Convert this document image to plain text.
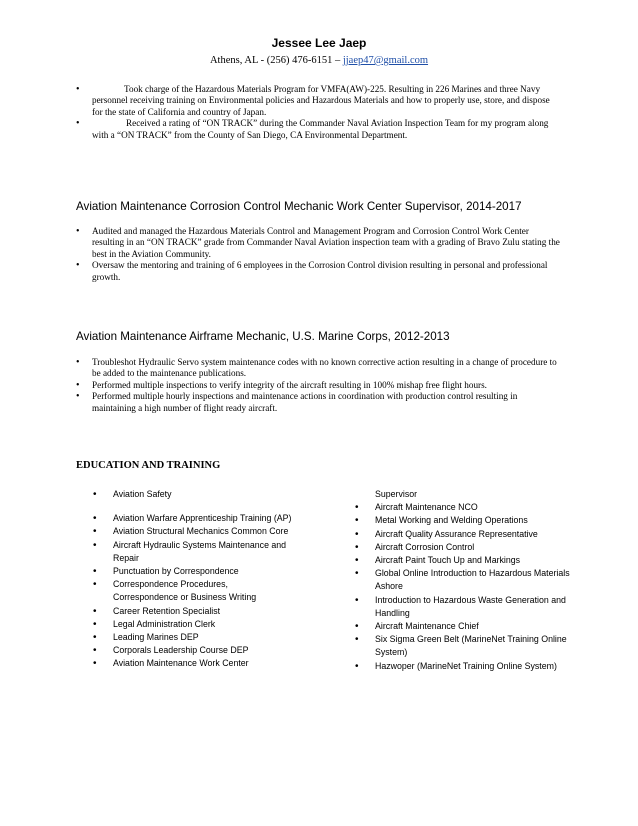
Jessee Lee Jaep
Athens, AL - (256) 476-6151 – jjaep47@gmail.com
•	Took charge of the Hazardous Materials Program for VMFA(AW)-225. Resulting in 226 Marines and three Navy personnel receiving training on Environmental policies and Hazardous Materials and how to properly use, store, and dispose for the state of California and country of Japan.
•	Received a rating of “ON TRACK” during the Commander Naval Aviation Inspection Team for my program along with a “ON TRACK” from the County of San Diego, CA Environmental Department.
Aviation Maintenance Corrosion Control Mechanic Work Center Supervisor, 2014-2017
• Audited and managed the Hazardous Materials Control and Management Program and Corrosion Control Work Center resulting in an “ON TRACK” grade from Commander Naval Aviation inspection team with a grading of Bravo Zulu stating the best in the Aviation Community.
• Oversaw the mentoring and training of 6 employees in the Corrosion Control division resulting in personal and professional growth.
Aviation Maintenance Airframe Mechanic, U.S. Marine Corps, 2012-2013
• Troubleshot Hydraulic Servo system maintenance codes with no known corrective action resulting in a change of procedure to be added to the maintenance publications.
• Performed multiple inspections to verify integrity of the aircraft resulting in 100% mishap free flight hours.
• Performed multiple hourly inspections and maintenance actions in coordination with production control resulting in maintaining a high number of flight ready aircraft.
EDUCATION AND TRAINING
• Aviation Safety
• Aviation Warfare Apprenticeship Training (AP)
• Aviation Structural Mechanics Common Core
• Aircraft Hydraulic Systems Maintenance and Repair
• Punctuation by Correspondence
• Correspondence Procedures, Correspondence or Business Writing
• Career Retention Specialist
• Legal Administration Clerk
• Leading Marines DEP
• Corporals Leadership Course DEP
• Aviation Maintenance Work Center
Supervisor
• Aircraft Maintenance NCO
• Metal Working and Welding Operations
• Aircraft Quality Assurance Representative
• Aircraft Corrosion Control
• Aircraft Paint Touch Up and Markings
• Global Online Introduction to Hazardous Materials Ashore
• Introduction to Hazardous Waste Generation and Handling
• Aircraft Maintenance Chief
• Six Sigma Green Belt (MarineNet Training Online System)
• Hazwoper (MarineNet Training Online System)
